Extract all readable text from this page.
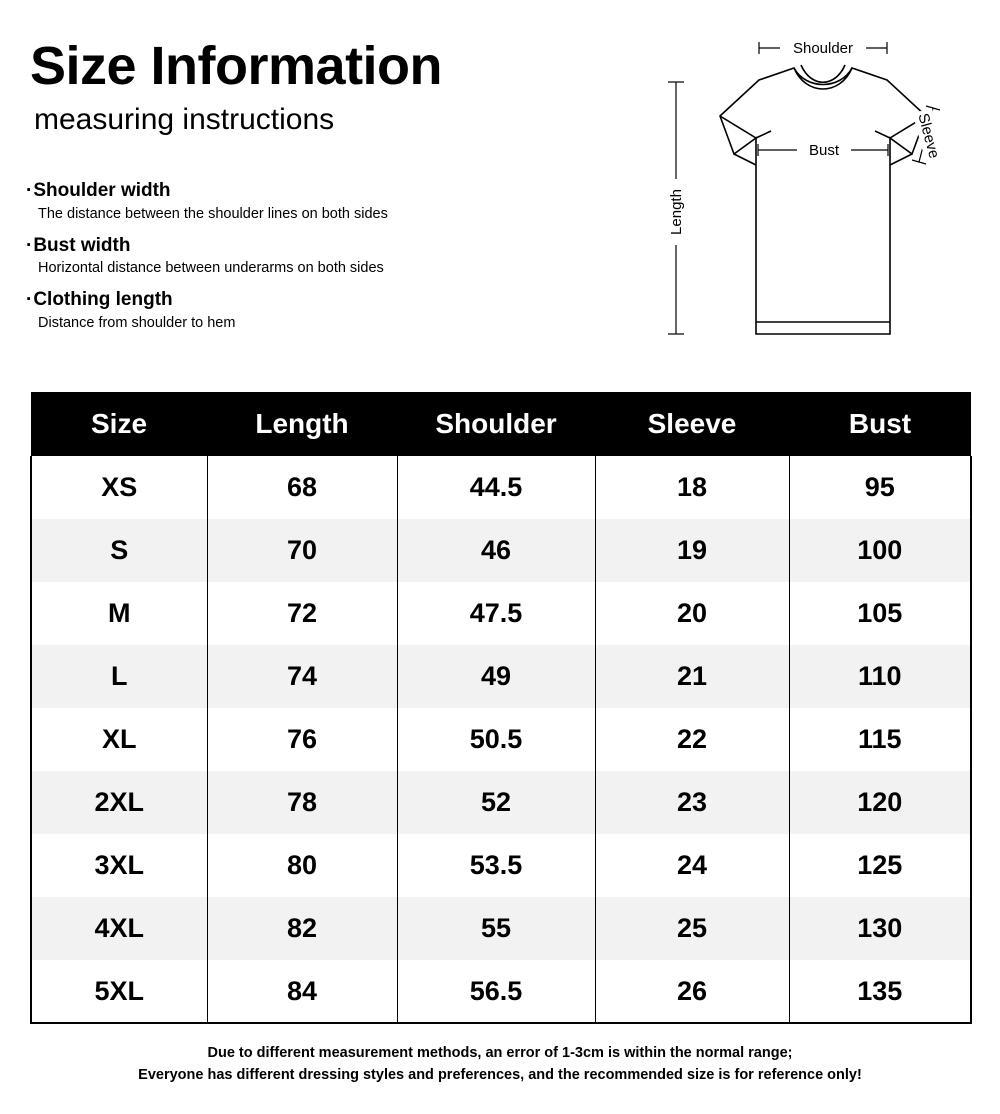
Size Information
measuring instructions
·Shoulder width
The distance between the shoulder lines on both sides
·Bust width
Horizontal distance between underarms on both sides
·Clothing length
Distance from shoulder to hem
Shoulder
Sleeve
Bust
Length
Size	Length	Shoulder	Sleeve	Bust
XS	68	44.5	18	95
S	70	46	19	100
M	72	47.5	20	105
L	74	49	21	110
XL	76	50.5	22	115
2XL	78	52	23	120
3XL	80	53.5	24	125
4XL	82	55	25	130
5XL	84	56.5	26	135
Due to different measurement methods, an error of 1-3cm is within the normal range;
Everyone has different dressing styles and preferences, and the recommended size is for reference only!
